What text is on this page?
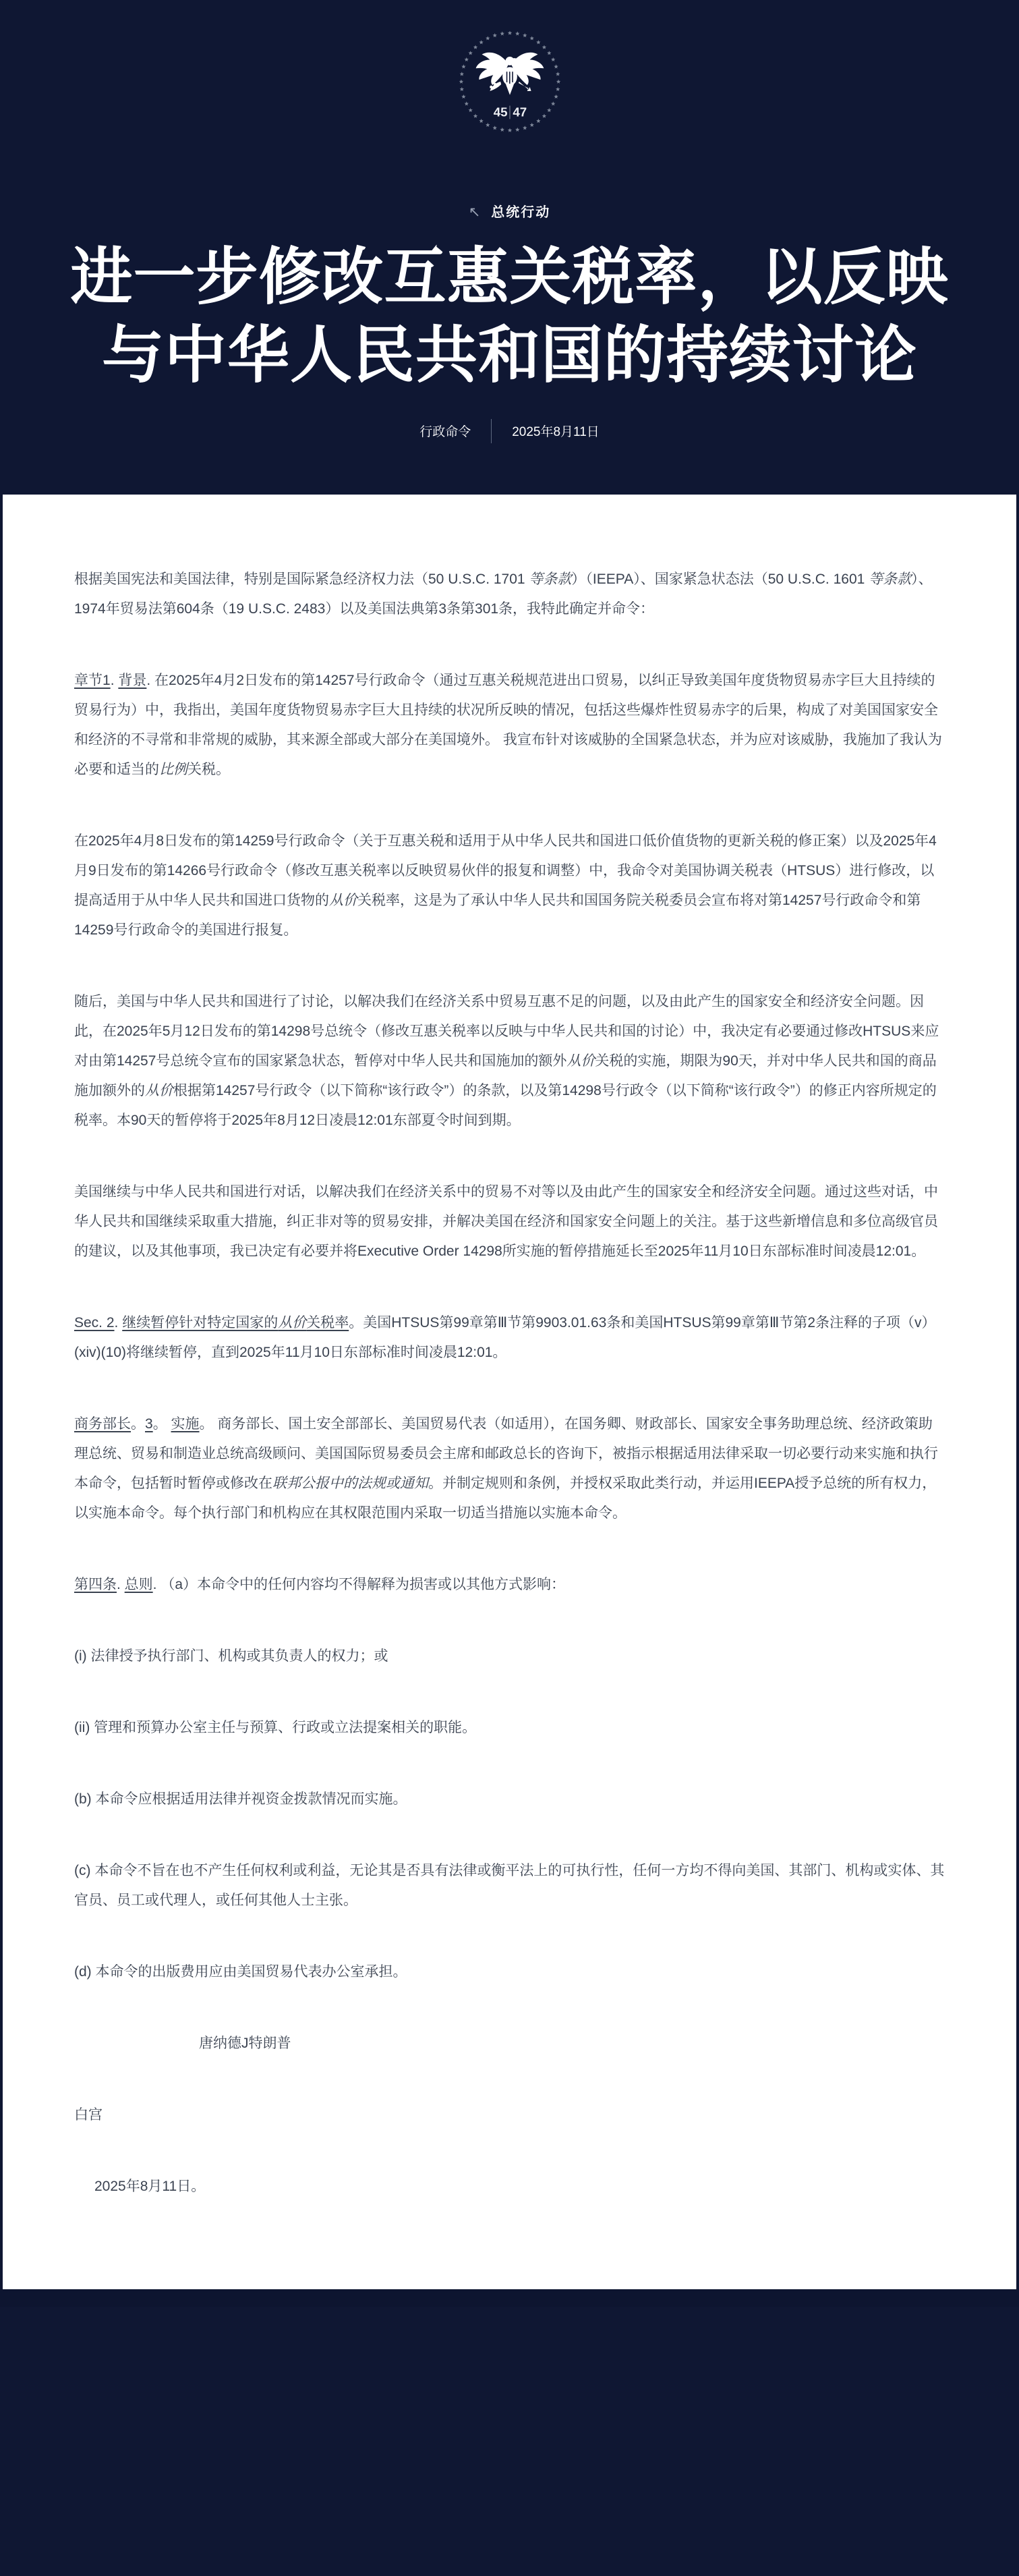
45 47
↖ 总统行动
进一步修改互惠关税率，以反映
与中华人民共和国的持续讨论
行政命令	2025年8月11日

根据美国宪法和美国法律，特别是国际紧急经济权力法（50 U.S.C. 1701 等条款）（IEEPA）、国家紧急状态法（50 U.S.C. 1601 等条款）、1974年贸易法第604条（19 U.S.C. 2483）以及美国法典第3条第301条，我特此确定并命令：

章节1. 背景. 在2025年4月2日发布的第14257号行政命令（通过互惠关税规范进出口贸易，以纠正导致美国年度货物贸易赤字巨大且持续的贸易行为）中，我指出，美国年度货物贸易赤字巨大且持续的状况所反映的情况，包括这些爆炸性贸易赤字的后果，构成了对美国国家安全和经济的不寻常和非常规的威胁，其来源全部或大部分在美国境外。 我宣布针对该威胁的全国紧急状态，并为应对该威胁，我施加了我认为必要和适当的比例关税。

在2025年4月8日发布的第14259号行政命令（关于互惠关税和适用于从中华人民共和国进口低价值货物的更新关税的修正案）以及2025年4月9日发布的第14266号行政命令（修改互惠关税率以反映贸易伙伴的报复和调整）中，我命令对美国协调关税表（HTSUS）进行修改，以提高适用于从中华人民共和国进口货物的从价关税率，这是为了承认中华人民共和国国务院关税委员会宣布将对第14257号行政命令和第14259号行政命令的美国进行报复。

随后，美国与中华人民共和国进行了讨论，以解决我们在经济关系中贸易互惠不足的问题，以及由此产生的国家安全和经济安全问题。因此，在2025年5月12日发布的第14298号总统令（修改互惠关税率以反映与中华人民共和国的讨论）中，我决定有必要通过修改HTSUS来应对由第14257号总统令宣布的国家紧急状态，暂停对中华人民共和国施加的额外从价关税的实施，期限为90天，并对中华人民共和国的商品施加额外的从价根据第14257号行政令（以下简称“该行政令”）的条款，以及第14298号行政令（以下简称“该行政令”）的修正内容所规定的税率。本90天的暂停将于2025年8月12日凌晨12:01东部夏令时间到期。

美国继续与中华人民共和国进行对话，以解决我们在经济关系中的贸易不对等以及由此产生的国家安全和经济安全问题。通过这些对话，中华人民共和国继续采取重大措施，纠正非对等的贸易安排，并解决美国在经济和国家安全问题上的关注。基于这些新增信息和多位高级官员的建议，以及其他事项，我已决定有必要并将Executive Order 14298所实施的暂停措施延长至2025年11月10日东部标准时间凌晨12:01。

Sec. 2. 继续暂停针对特定国家的从价关税率。美国HTSUS第99章第Ⅲ节第9903.01.63条和美国HTSUS第99章第Ⅲ节第2条注释的子项（v）(xiv)(10)将继续暂停，直到2025年11月10日东部标准时间凌晨12:01。

商务部长。3。 实施。 商务部长、国土安全部部长、美国贸易代表（如适用），在国务卿、财政部长、国家安全事务助理总统、经济政策助理总统、贸易和制造业总统高级顾问、美国国际贸易委员会主席和邮政总长的咨询下，被指示根据适用法律采取一切必要行动来实施和执行本命令，包括暂时暂停或修改在联邦公报中的法规或通知。并制定规则和条例，并授权采取此类行动，并运用IEEPA授予总统的所有权力，以实施本命令。每个执行部门和机构应在其权限范围内采取一切适当措施以实施本命令。

第四条. 总则. （a）本命令中的任何内容均不得解释为损害或以其他方式影响：

(i) 法律授予执行部门、机构或其负责人的权力；或

(ii) 管理和预算办公室主任与预算、行政或立法提案相关的职能。

(b) 本命令应根据适用法律并视资金拨款情况而实施。

(c) 本命令不旨在也不产生任何权利或利益，无论其是否具有法律或衡平法上的可执行性，任何一方均不得向美国、其部门、机构或实体、其官员、员工或代理人，或任何其他人士主张。

(d) 本命令的出版费用应由美国贸易代表办公室承担。

唐纳德J特朗普

白宫

2025年8月11日。
